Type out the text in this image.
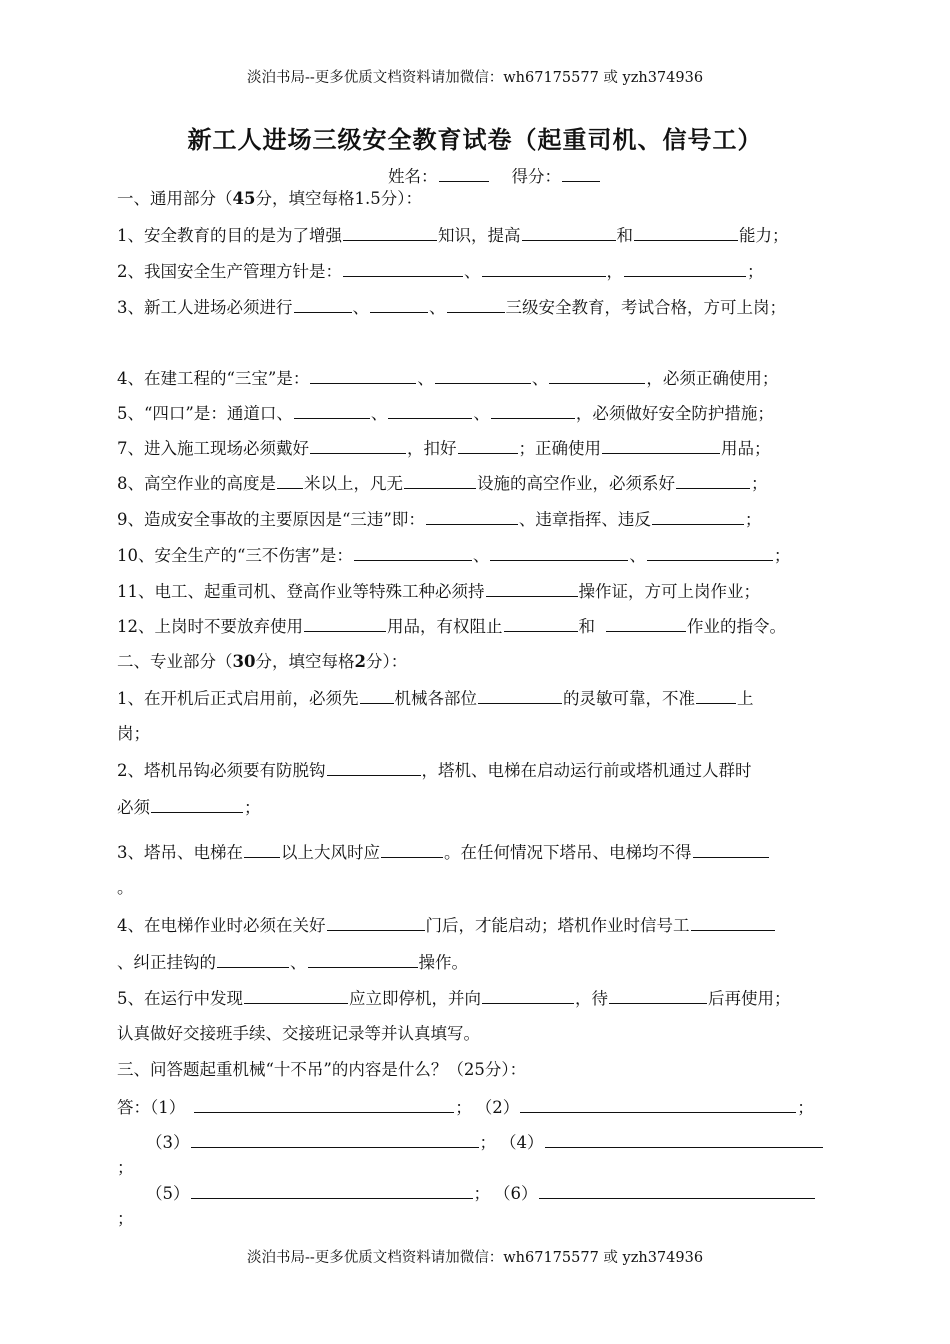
淡泊书局--更多优质文档资料请加微信：wh67175577 或 yzh374936
新工人进场三级安全教育试卷（起重司机、信号工）
姓名：	得分：
一、通用部分（45分，填空每格1.5分）：
1、安全教育的目的是为了增强	知识，提高	和	能力；
2、我国安全生产管理方针是：	、	，	；
3、新工人进场必须进行	、	、	三级安全教育，考试合格，方可上岗；
4、在建工程的“三宝”是：	、	、	，必须正确使用；
5、“四口”是：通道口、	、	、	，必须做好安全防护措施；
7、进入施工现场必须戴好	，扣好	；正确使用	用品；
8、高空作业的高度是 米以上，凡无	设施的高空作业，必须系好	；
9、造成安全事故的主要原因是“三违”即：	、违章指挥、违反	；
10、安全生产的“三不伤害”是：	、	、	；
11、电工、起重司机、登高作业等特殊工种必须持	操作证，方可上岗作业；
12、上岗时不要放弃使用	用品，有权阻止	和	作业的指令。
二、专业部分（30分，填空每格2分）：
1、在开机后正式启用前，必须先 机械各部位	的灵敏可靠，不准	上
岗；
2、塔机吊钩必须要有防脱钩	，塔机、电梯在启动运行前或塔机通过人群时
必须	；
3、塔吊、电梯在 以上大风时应	。在任何情况下塔吊、电梯均不得
。
4、在电梯作业时必须在关好	门后，才能启动；塔机作业时信号工
、纠正挂钩的	、	操作。
5、在运行中发现	应立即停机，并向	，待	后再使用；
认真做好交接班手续、交接班记录等并认真填写。
三、问答题起重机械“十不吊”的内容是什么？（25分）：
答：（1）	； （2）	；
（3）	； （4）
；
（5）	； （6）
；
淡泊书局--更多优质文档资料请加微信：wh67175577 或 yzh374936
